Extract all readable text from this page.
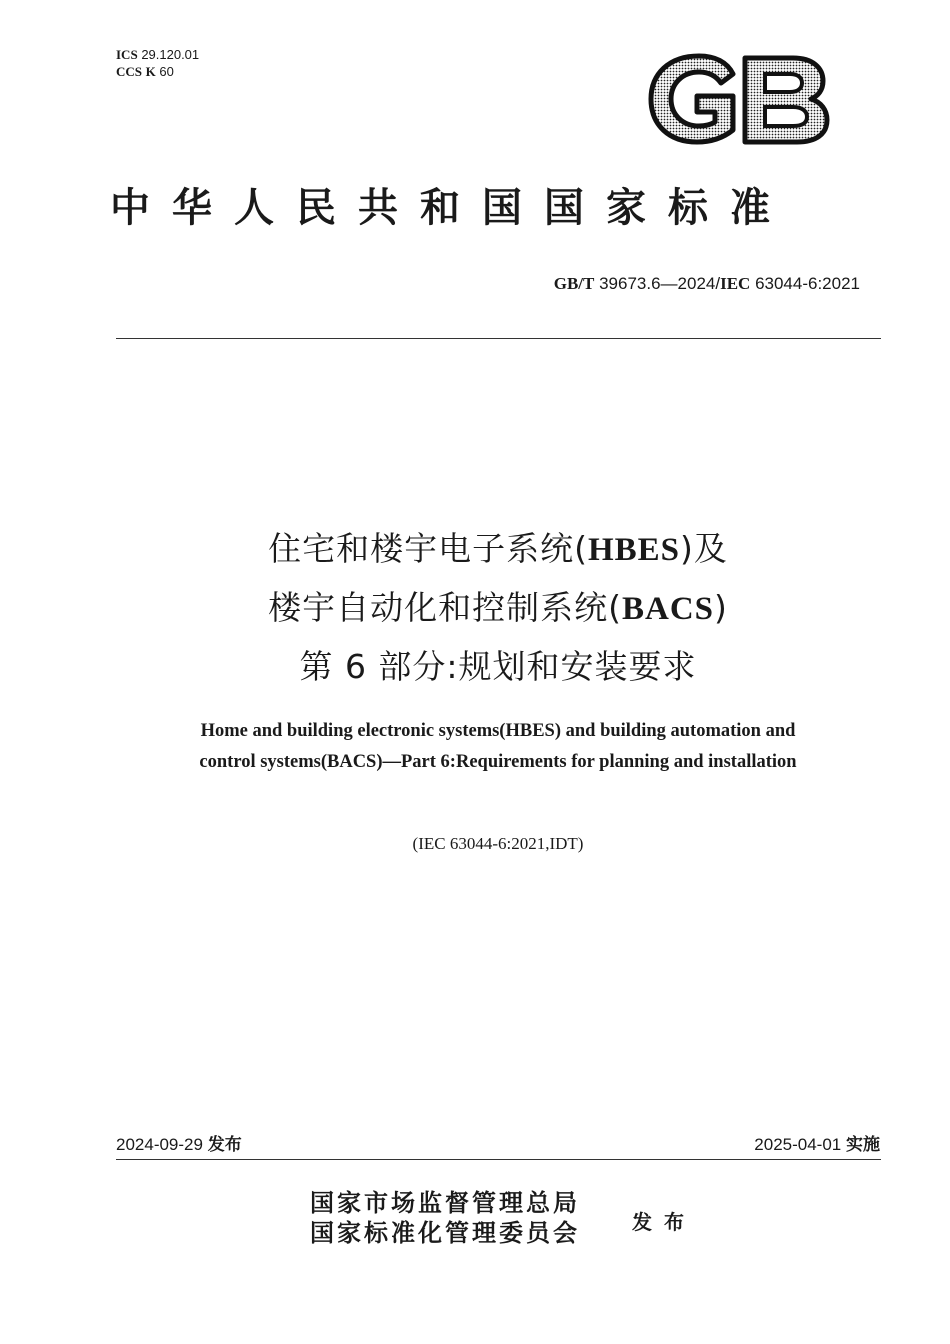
ICS 29.120.01
CCS K 60
中华人民共和国国家标准
GB/T 39673.6—2024/IEC 63044-6:2021
住宅和楼宇电子系统(HBES)及
楼宇自动化和控制系统(BACS)
第 6 部分:规划和安装要求
Home and building electronic systems(HBES) and building automation and
control systems(BACS)—Part 6:Requirements for planning and installation
(IEC 63044-6:2021,IDT)
2024-09-29 发布	2025-04-01 实施
国家市场监督管理总局
国家标准化管理委员会	发布
